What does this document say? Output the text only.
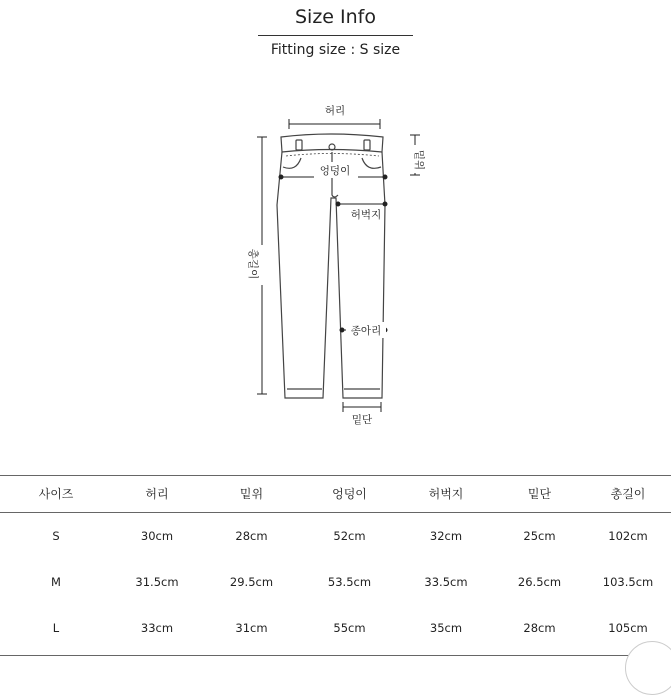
Size Info
Fitting size : S size
허리
엉덩이
허벅지
종아리
밑단
밑위
총길이
사이즈	허리	밑위	엉덩이	허벅지	밑단	총길이
S	30cm	28cm	52cm	32cm	25cm	102cm
M	31.5cm	29.5cm	53.5cm	33.5cm	26.5cm	103.5cm
L	33cm	31cm	55cm	35cm	28cm	105cm
